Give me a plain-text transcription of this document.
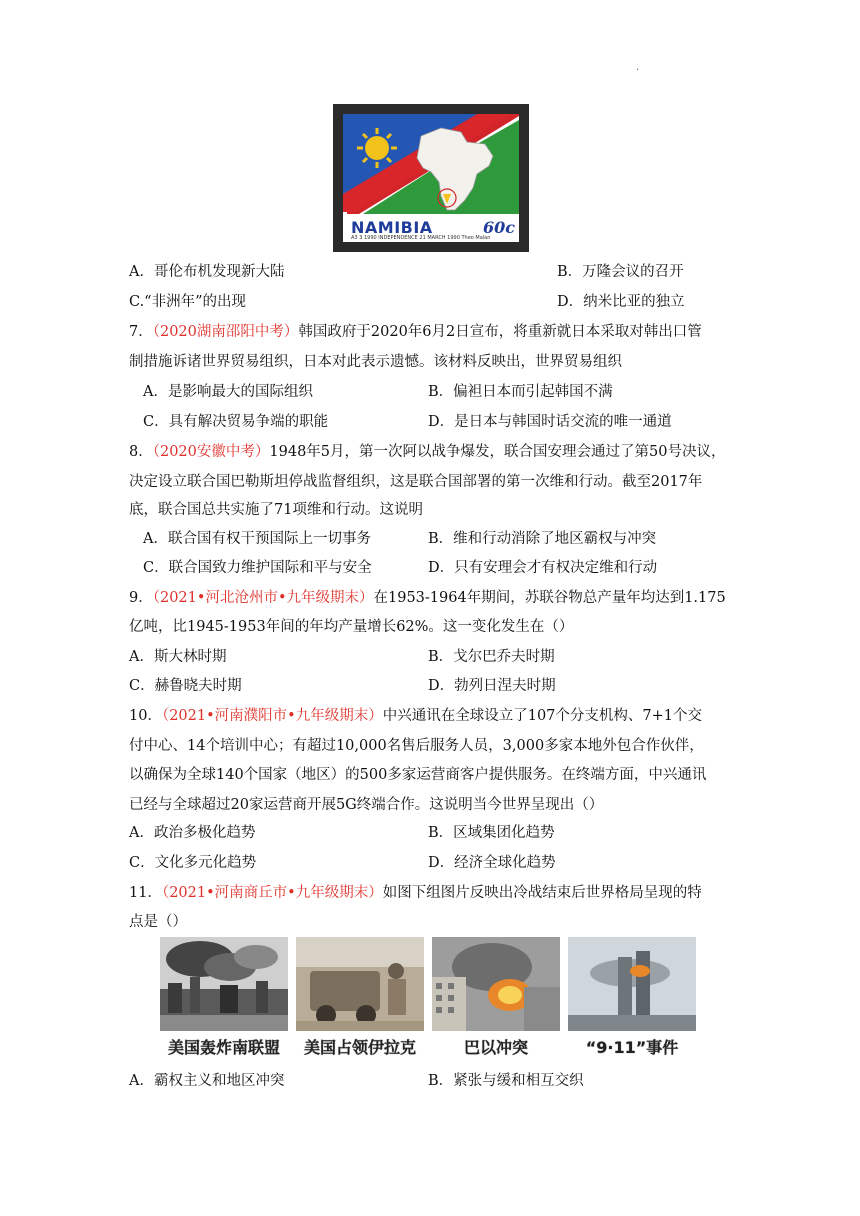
.
NAMIBIA	60c
A3 3 1990 INDEPENDENCE 21 MARCH 1990 Theo Malan
A．哥伦布机发现新大陆	B．万隆会议的召开
C.“非洲年”的出现	D．纳米比亚的独立
7．（2020湖南邵阳中考）韩国政府于2020年6月2日宣布，将重新就日本采取对韩出口管
制措施诉诸世界贸易组织，日本对此表示遗憾。该材料反映出，世界贸易组织
A．是影响最大的国际组织	B．偏袒日本而引起韩国不满
C．具有解决贸易争端的职能	D．是日本与韩国时话交流的唯一通道
8．（2020安徽中考）1948年5月，第一次阿以战争爆发，联合国安理会通过了第50号决议，
决定设立联合国巴勒斯坦停战监督组织，这是联合国部署的第一次维和行动。截至2017年
底，联合国总共实施了71项维和行动。这说明
A．联合国有权干预国际上一切事务	B．维和行动消除了地区霸权与冲突
C．联合国致力维护国际和平与安全	D．只有安理会才有权决定维和行动
9．（2021•河北沧州市•九年级期末）在1953-1964年期间，苏联谷物总产量年均达到1.175
亿吨，比1945-1953年间的年均产量增长62%。这一变化发生在（）
A．斯大林时期	B．戈尔巴乔夫时期
C．赫鲁晓夫时期	D．勃列日涅夫时期
10．（2021•河南濮阳市•九年级期末）中兴通讯在全球设立了107个分支机构、7+1个交
付中心、14个培训中心；有超过10,000名售后服务人员，3,000多家本地外包合作伙伴，
以确保为全球140个国家（地区）的500多家运营商客户提供服务。在终端方面，中兴通讯
已经与全球超过20家运营商开展5G终端合作。这说明当今世界呈现出（）
A．政治多极化趋势	B．区域集团化趋势
C．文化多元化趋势	D．经济全球化趋势
11．（2021•河南商丘市•九年级期末）如图下组图片反映出冷战结束后世界格局呈现的特
点是（）
美国轰炸南联盟	美国占领伊拉克	巴以冲突	“9·11”事件
A．霸权主义和地区冲突	B．紧张与缓和相互交织
